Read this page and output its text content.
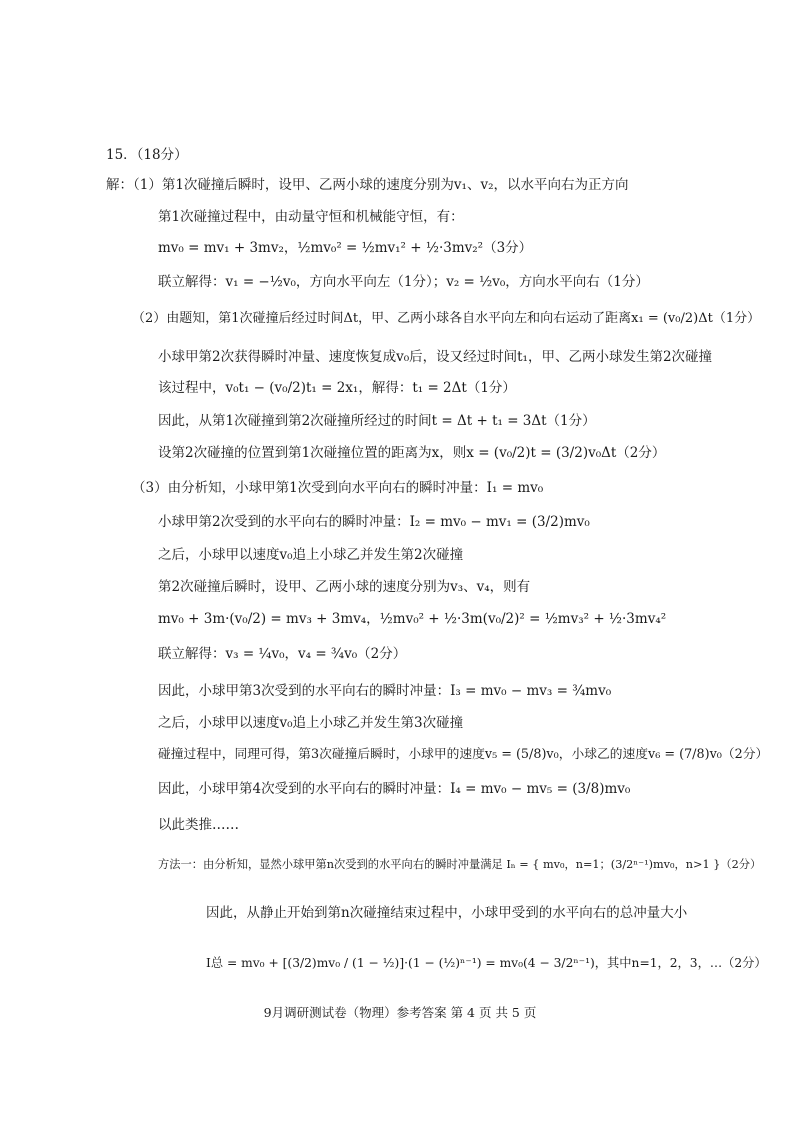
15．（18分）
解：（1）第1次碰撞后瞬时，设甲、乙两小球的速度分别为v₁、v₂，以水平向右为正方向
第1次碰撞过程中，由动量守恒和机械能守恒，有：
mv₀ = mv₁ + 3mv₂，½mv₀² = ½mv₁² + ½·3mv₂²（3分）
联立解得：v₁ = −½v₀，方向水平向左（1分）；v₂ = ½v₀，方向水平向右（1分）
（2）由题知，第1次碰撞后经过时间Δt，甲、乙两小球各自水平向左和向右运动了距离x₁ = (v₀/2)Δt（1分）
小球甲第2次获得瞬时冲量、速度恢复成v₀后，设又经过时间t₁，甲、乙两小球发生第2次碰撞
该过程中，v₀t₁ − (v₀/2)t₁ = 2x₁，解得：t₁ = 2Δt（1分）
因此，从第1次碰撞到第2次碰撞所经过的时间t = Δt + t₁ = 3Δt（1分）
设第2次碰撞的位置到第1次碰撞位置的距离为x，则x = (v₀/2)t = (3/2)v₀Δt（2分）
（3）由分析知，小球甲第1次受到向水平向右的瞬时冲量：I₁ = mv₀
小球甲第2次受到的水平向右的瞬时冲量：I₂ = mv₀ − mv₁ = (3/2)mv₀
之后，小球甲以速度v₀追上小球乙并发生第2次碰撞
第2次碰撞后瞬时，设甲、乙两小球的速度分别为v₃、v₄，则有
mv₀ + 3m·(v₀/2) = mv₃ + 3mv₄，½mv₀² + ½·3m(v₀/2)² = ½mv₃² + ½·3mv₄²
联立解得：v₃ = ¼v₀，v₄ = ¾v₀（2分）
因此，小球甲第3次受到的水平向右的瞬时冲量：I₃ = mv₀ − mv₃ = ¾mv₀
之后，小球甲以速度v₀追上小球乙并发生第3次碰撞
碰撞过程中，同理可得，第3次碰撞后瞬时，小球甲的速度v₅ = (5/8)v₀，小球乙的速度v₆ = (7/8)v₀（2分）
因此，小球甲第4次受到的水平向右的瞬时冲量：I₄ = mv₀ − mv₅ = (3/8)mv₀
以此类推……
方法一：由分析知，显然小球甲第n次受到的水平向右的瞬时冲量满足 Iₙ = { mv₀，n=1；(3/2ⁿ⁻¹)mv₀，n>1 }（2分）
因此，从静止开始到第n次碰撞结束过程中，小球甲受到的水平向右的总冲量大小
I总 = mv₀ + [(3/2)mv₀ / (1 − ½)]·(1 − (½)ⁿ⁻¹) = mv₀(4 − 3/2ⁿ⁻¹)，其中n=1，2，3，…（2分）
9月调研测试卷（物理）参考答案 第 4 页 共 5 页
